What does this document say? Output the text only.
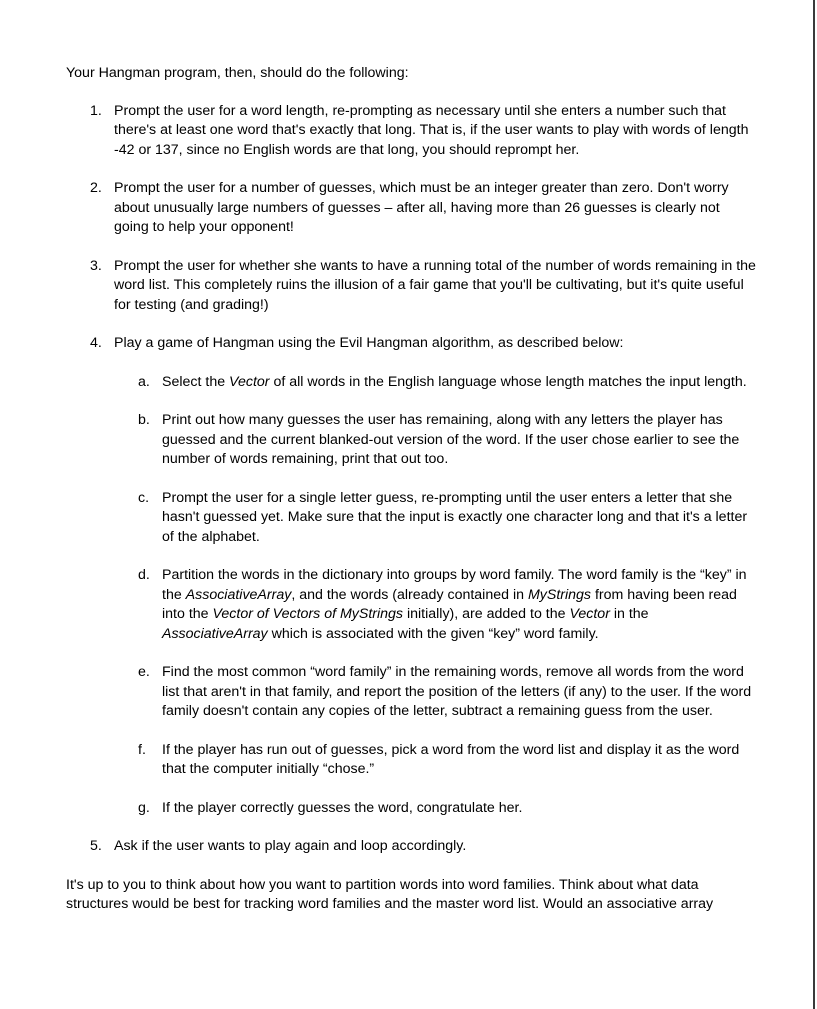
Your Hangman program, then, should do the following:

1. Prompt the user for a word length, re-prompting as necessary until she enters a number such that there's at least one word that's exactly that long. That is, if the user wants to play with words of length -42 or 137, since no English words are that long, you should reprompt her.
2. Prompt the user for a number of guesses, which must be an integer greater than zero. Don't worry about unusually large numbers of guesses – after all, having more than 26 guesses is clearly not going to help your opponent!
3. Prompt the user for whether she wants to have a running total of the number of words remaining in the word list. This completely ruins the illusion of a fair game that you'll be cultivating, but it's quite useful for testing (and grading!)
4. Play a game of Hangman using the Evil Hangman algorithm, as described below:
a. Select the Vector of all words in the English language whose length matches the input length.
b. Print out how many guesses the user has remaining, along with any letters the player has guessed and the current blanked-out version of the word. If the user chose earlier to see the number of words remaining, print that out too.
c. Prompt the user for a single letter guess, re-prompting until the user enters a letter that she hasn't guessed yet. Make sure that the input is exactly one character long and that it's a letter of the alphabet.
d. Partition the words in the dictionary into groups by word family. The word family is the “key” in the AssociativeArray, and the words (already contained in MyStrings from having been read into the Vector of Vectors of MyStrings initially), are added to the Vector in the AssociativeArray which is associated with the given “key” word family.
e. Find the most common “word family” in the remaining words, remove all words from the word list that aren't in that family, and report the position of the letters (if any) to the user. If the word family doesn't contain any copies of the letter, subtract a remaining guess from the user.
f. If the player has run out of guesses, pick a word from the word list and display it as the word that the computer initially “chose.”
g. If the player correctly guesses the word, congratulate her.
5. Ask if the user wants to play again and loop accordingly.

It's up to you to think about how you want to partition words into word families. Think about what data structures would be best for tracking word families and the master word list. Would an associative array
